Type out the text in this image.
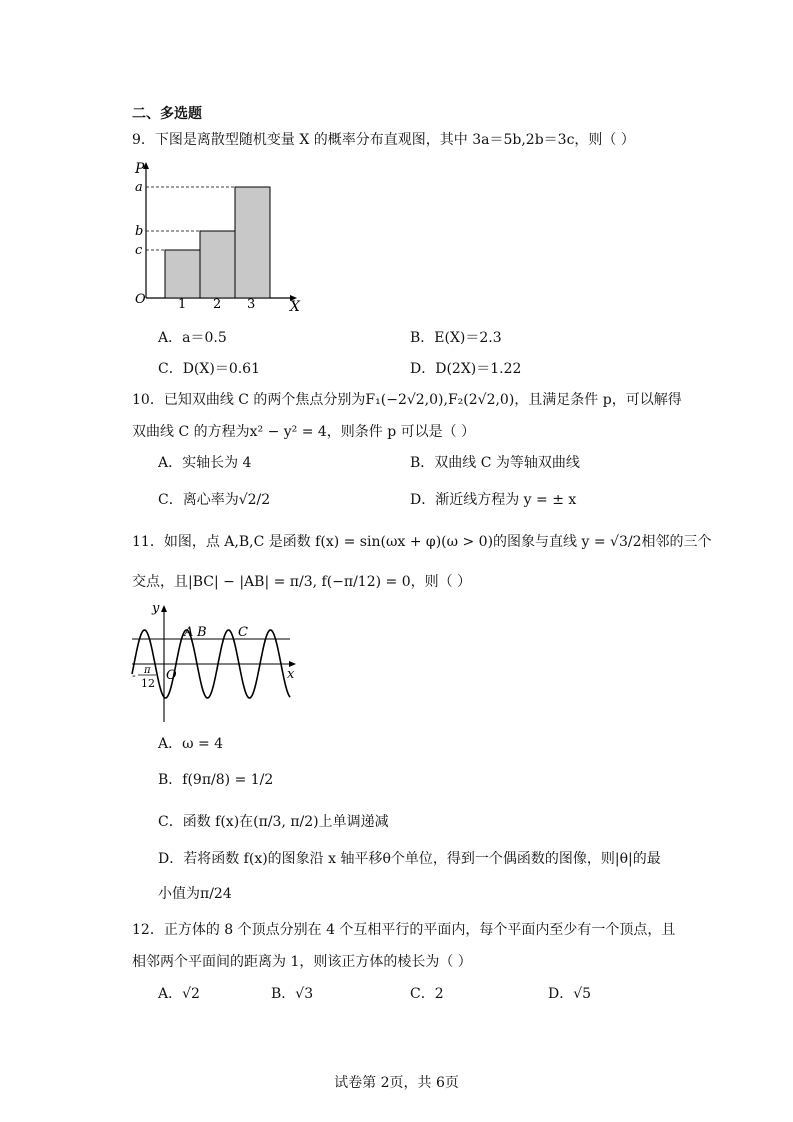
二、多选题
9．下图是离散型随机变量 X 的概率分布直观图，其中 3a＝5b,2b＝3c，则（ ）
P
a
b
c
O 1 2 3 X
A．a＝0.5	B．E(X)＝2.3
C．D(X)＝0.61	D．D(2X)＝1.22
10．已知双曲线 C 的两个焦点分别为F₁(−2√2,0),F₂(2√2,0)，且满足条件 p，可以解得
双曲线 C 的方程为x² − y² = 4，则条件 p 可以是（ ）
A．实轴长为 4	B．双曲线 C 为等轴双曲线
C．离心率为√2/2	D．渐近线方程为 y = ± x
11．如图，点 A,B,C 是函数 f(x) = sin(ωx + φ)(ω > 0)的图象与直线 y = √3/2相邻的三个
交点，且|BC| − |AB| = π/3, f(−π/12) = 0，则（ ）
y
A B C
x
O
π
-
12
A．ω = 4
B．f(9π/8) = 1/2
C．函数 f(x)在(π/3, π/2)上单调递减
D．若将函数 f(x)的图象沿 x 轴平移θ个单位，得到一个偶函数的图像，则|θ|的最
小值为π/24
12．正方体的 8 个顶点分别在 4 个互相平行的平面内，每个平面内至少有一个顶点，且
相邻两个平面间的距离为 1，则该正方体的棱长为（ ）
A．√2	B．√3	C．2	D．√5
试卷第 2页，共 6页
